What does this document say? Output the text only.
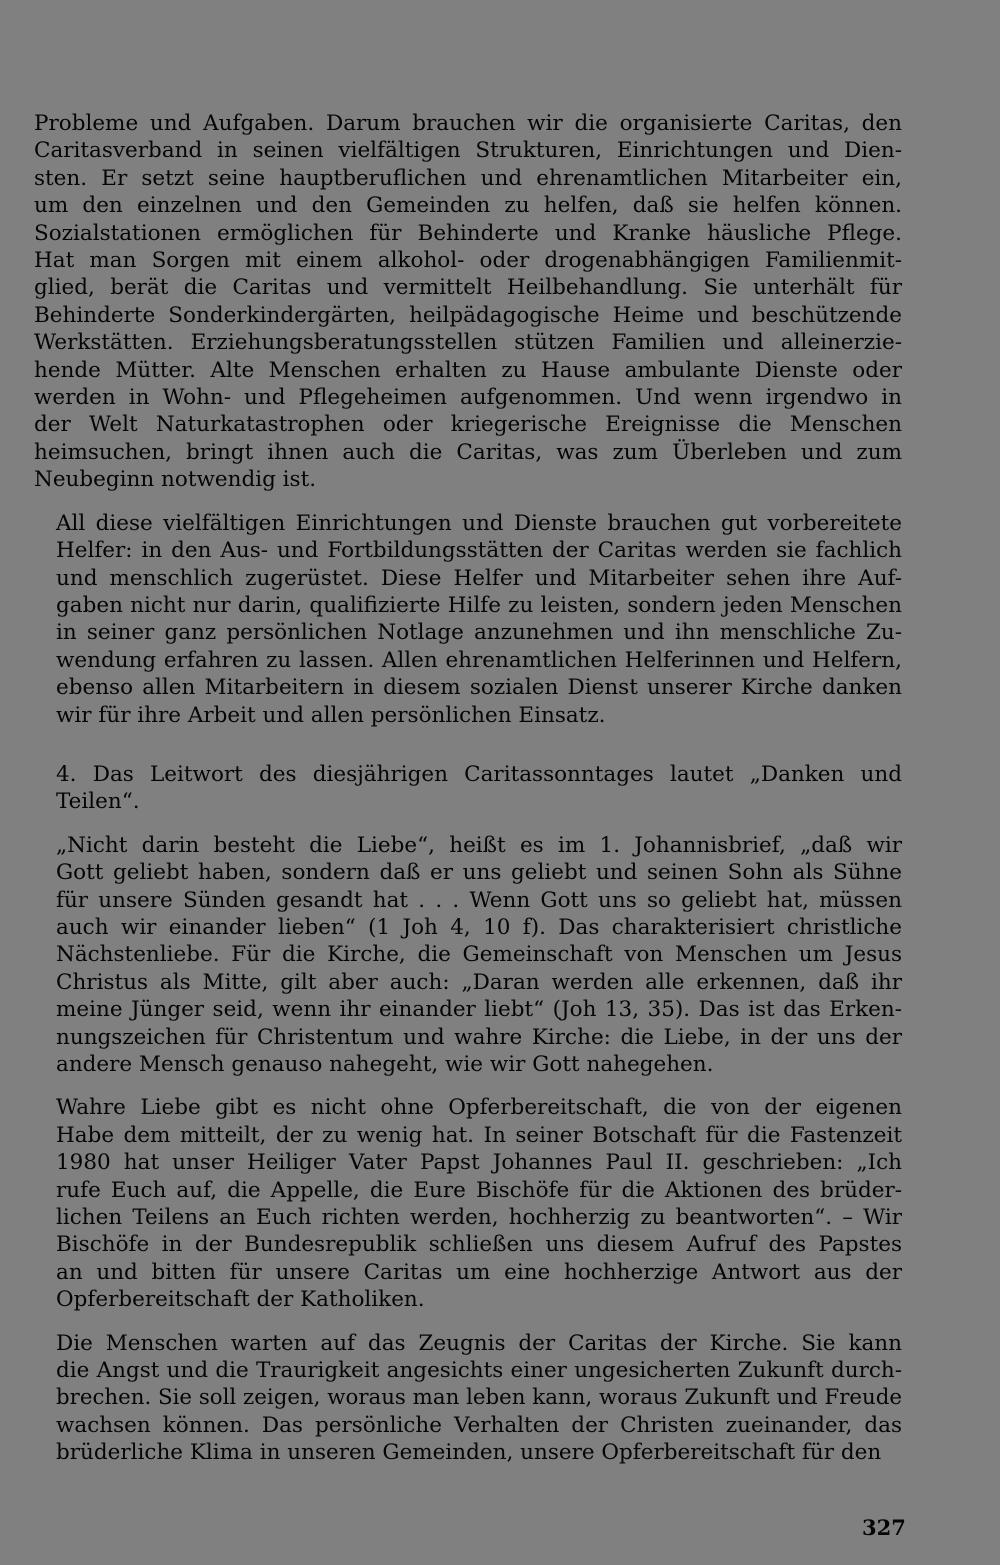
Probleme und Aufgaben. Darum brauchen wir die organisierte Caritas, den
Caritasverband in seinen vielfältigen Strukturen, Einrichtungen und Dien-
sten. Er setzt seine hauptberuflichen und ehrenamtlichen Mitarbeiter ein,
um den einzelnen und den Gemeinden zu helfen, daß sie helfen können.
Sozialstationen ermöglichen für Behinderte und Kranke häusliche Pflege.
Hat man Sorgen mit einem alkohol- oder drogenabhängigen Familienmit-
glied, berät die Caritas und vermittelt Heilbehandlung. Sie unterhält für
Behinderte Sonderkindergärten, heilpädagogische Heime und beschützende
Werkstätten. Erziehungsberatungsstellen stützen Familien und alleinerzie-
hende Mütter. Alte Menschen erhalten zu Hause ambulante Dienste oder
werden in Wohn- und Pflegeheimen aufgenommen. Und wenn irgendwo in
der Welt Naturkatastrophen oder kriegerische Ereignisse die Menschen
heimsuchen, bringt ihnen auch die Caritas, was zum Überleben und zum
Neubeginn notwendig ist.
All diese vielfältigen Einrichtungen und Dienste brauchen gut vorbereitete
Helfer: in den Aus- und Fortbildungsstätten der Caritas werden sie fachlich
und menschlich zugerüstet. Diese Helfer und Mitarbeiter sehen ihre Auf-
gaben nicht nur darin, qualifizierte Hilfe zu leisten, sondern jeden Menschen
in seiner ganz persönlichen Notlage anzunehmen und ihn menschliche Zu-
wendung erfahren zu lassen. Allen ehrenamtlichen Helferinnen und Helfern,
ebenso allen Mitarbeitern in diesem sozialen Dienst unserer Kirche danken
wir für ihre Arbeit und allen persönlichen Einsatz.
4. Das Leitwort des diesjährigen Caritassonntages lautet „Danken und
Teilen“.
„Nicht darin besteht die Liebe“, heißt es im 1. Johannisbrief, „daß wir
Gott geliebt haben, sondern daß er uns geliebt und seinen Sohn als Sühne
für unsere Sünden gesandt hat . . . Wenn Gott uns so geliebt hat, müssen
auch wir einander lieben“ (1 Joh 4, 10 f). Das charakterisiert christliche
Nächstenliebe. Für die Kirche, die Gemeinschaft von Menschen um Jesus
Christus als Mitte, gilt aber auch: „Daran werden alle erkennen, daß ihr
meine Jünger seid, wenn ihr einander liebt“ (Joh 13, 35). Das ist das Erken-
nungszeichen für Christentum und wahre Kirche: die Liebe, in der uns der
andere Mensch genauso nahegeht, wie wir Gott nahegehen.
Wahre Liebe gibt es nicht ohne Opferbereitschaft, die von der eigenen
Habe dem mitteilt, der zu wenig hat. In seiner Botschaft für die Fastenzeit
1980 hat unser Heiliger Vater Papst Johannes Paul II. geschrieben: „Ich
rufe Euch auf, die Appelle, die Eure Bischöfe für die Aktionen des brüder-
lichen Teilens an Euch richten werden, hochherzig zu beantworten“. – Wir
Bischöfe in der Bundesrepublik schließen uns diesem Aufruf des Papstes
an und bitten für unsere Caritas um eine hochherzige Antwort aus der
Opferbereitschaft der Katholiken.
Die Menschen warten auf das Zeugnis der Caritas der Kirche. Sie kann
die Angst und die Traurigkeit angesichts einer ungesicherten Zukunft durch-
brechen. Sie soll zeigen, woraus man leben kann, woraus Zukunft und Freude
wachsen können. Das persönliche Verhalten der Christen zueinander, das
brüderliche Klima in unseren Gemeinden, unsere Opferbereitschaft für den
327
